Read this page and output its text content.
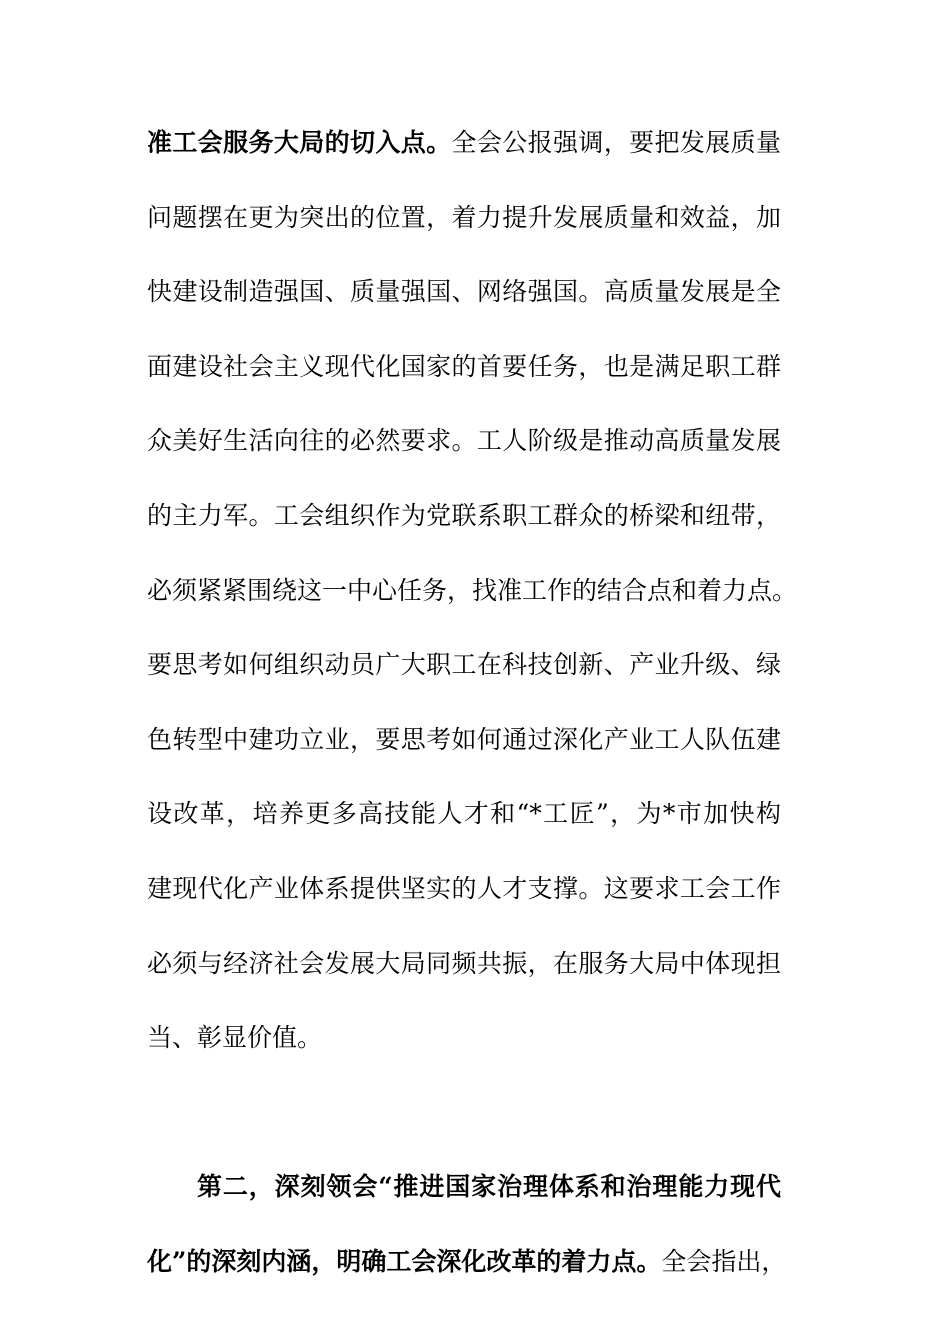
准工会服务大局的切入点。全会公报强调，要把发展质量
问题摆在更为突出的位置，着力提升发展质量和效益，加
快建设制造强国、质量强国、网络强国。高质量发展是全
面建设社会主义现代化国家的首要任务，也是满足职工群
众美好生活向往的必然要求。工人阶级是推动高质量发展
的主力军。工会组织作为党联系职工群众的桥梁和纽带，
必须紧紧围绕这一中心任务，找准工作的结合点和着力点。
要思考如何组织动员广大职工在科技创新、产业升级、绿
色转型中建功立业，要思考如何通过深化产业工人队伍建
设改革，培养更多高技能人才和“*工匠”，为*市加快构
建现代化产业体系提供坚实的人才支撑。这要求工会工作
必须与经济社会发展大局同频共振，在服务大局中体现担
当、彰显价值。
第二，深刻领会“推进国家治理体系和治理能力现代
化”的深刻内涵，明确工会深化改革的着力点。全会指出，
